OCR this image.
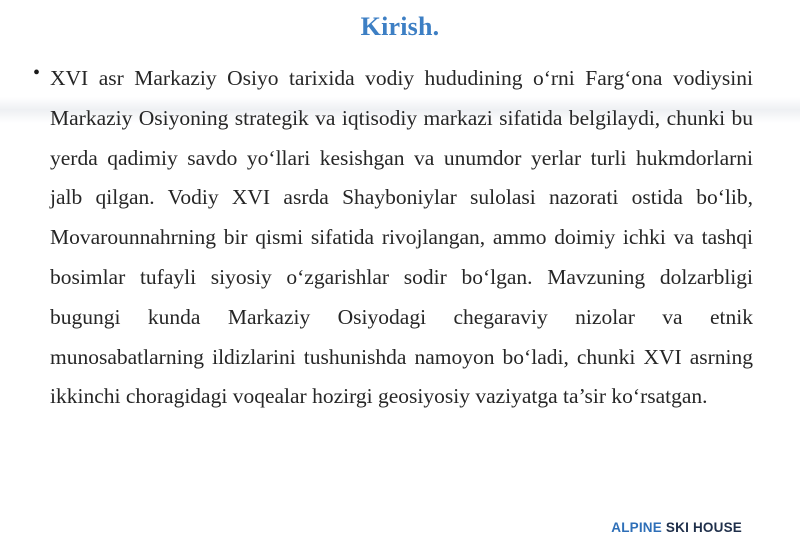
Kirish.
• XVI asr Markaziy Osiyo tarixida vodiy hududining o‘rni Farg‘ona vodiysini Markaziy Osiyoning strategik va iqtisodiy markazi sifatida belgilaydi, chunki bu yerda qadimiy savdo yo‘llari kesishgan va unumdor yerlar turli hukmdorlarni jalb qilgan. Vodiy XVI asrda Shayboniylar sulolasi nazorati ostida bo‘lib, Movarounnahrning bir qismi sifatida rivojlangan, ammo doimiy ichki va tashqi bosimlar tufayli siyosiy o‘zgarishlar sodir bo‘lgan. Mavzuning dolzarbligi bugungi kunda Markaziy Osiyodagi chegaraviy nizolar va etnik munosabatlarning ildizlarini tushunishda namoyon bo‘ladi, chunki XVI asrning ikkinchi choragidagi voqealar hozirgi geosiyosiy vaziyatga ta’sir ko‘rsatgan.

ALPINE SKI HOUSE
